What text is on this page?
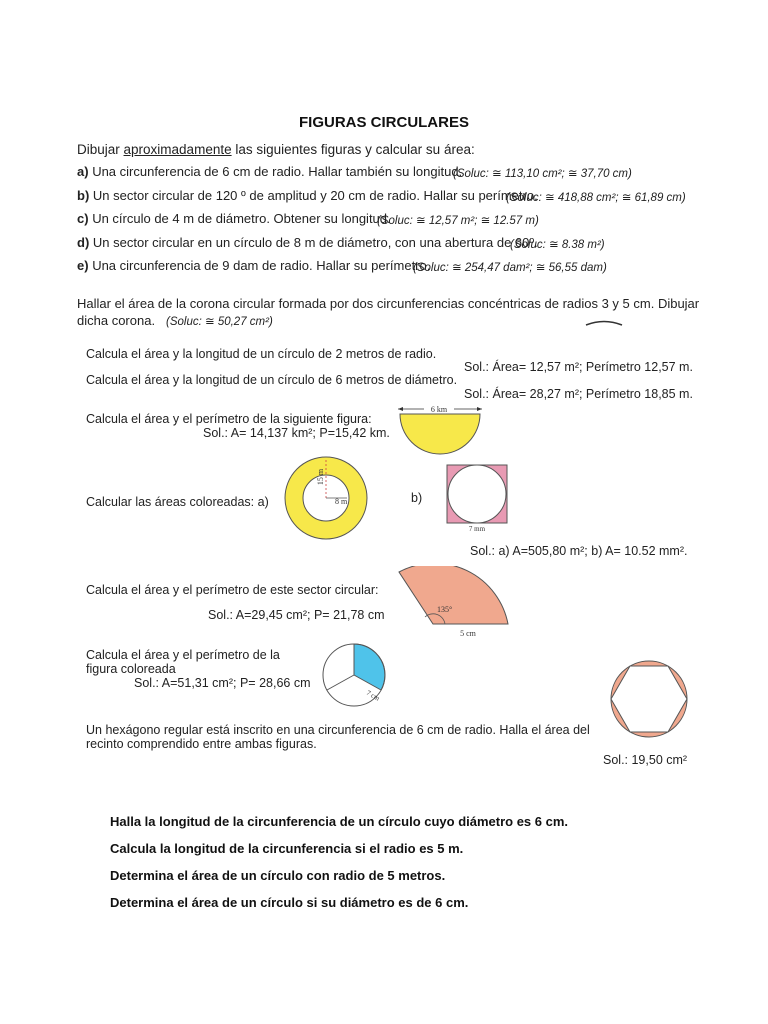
FIGURAS CIRCULARES
Dibujar aproximadamente las siguientes figuras y calcular su área:
a) Una circunferencia de 6 cm de radio. Hallar también su longitud.
(Soluc: ≅ 113,10 cm²; ≅ 37,70 cm)
b) Un sector circular de 120 º de amplitud y 20 cm de radio. Hallar su perímetro.
(Soluc: ≅ 418,88 cm²; ≅ 61,89 cm)
c) Un círculo de 4 m de diámetro. Obtener su longitud.
(Soluc: ≅ 12,57 m²; ≅ 12.57 m)
d) Un sector circular en un círculo de 8 m de diámetro, con una abertura de 60º.
(Soluc: ≅ 8.38 m²)
e) Una circunferencia de 9 dam de radio. Hallar su perímetro.
(Soluc: ≅ 254,47 dam²; ≅ 56,55 dam)
Hallar el área de la corona circular formada por dos circunferencias concéntricas de radios 3 y 5 cm. Dibujar
dicha corona. (Soluc: ≅ 50,27 cm²)
Calcula el área y la longitud de un círculo de 2 metros de radio.
Sol.: Área= 12,57 m²; Perímetro 12,57 m.
Calcula el área y la longitud de un círculo de 6 metros de diámetro.
Sol.: Área= 28,27 m²; Perímetro 18,85 m.
Calcula el área y el perímetro de la siguiente figura:
Sol.: A= 14,137 km²; P=15,42 km.
6 km
Calcular las áreas coloreadas: a)
15 m
8 m	b)
7 mm
Sol.: a) A=505,80 m²; b) A= 10.52 mm².
Calcula el área y el perímetro de este sector circular:
Sol.: A=29,45 cm²; P= 21,78 cm	135°
5 cm
Calcula el área y el perímetro de la
figura coloreada
Sol.: A=51,31 cm²; P= 28,66 cm
7 cm
Un hexágono regular está inscrito en una circunferencia de 6 cm de radio. Halla el área del
recinto comprendido entre ambas figuras.
Sol.: 19,50 cm²
Halla la longitud de la circunferencia de un círculo cuyo diámetro es 6 cm.
Calcula la longitud de la circunferencia si el radio es 5 m.
Determina el área de un círculo con radio de 5 metros.
Determina el área de un círculo si su diámetro es de 6 cm.
